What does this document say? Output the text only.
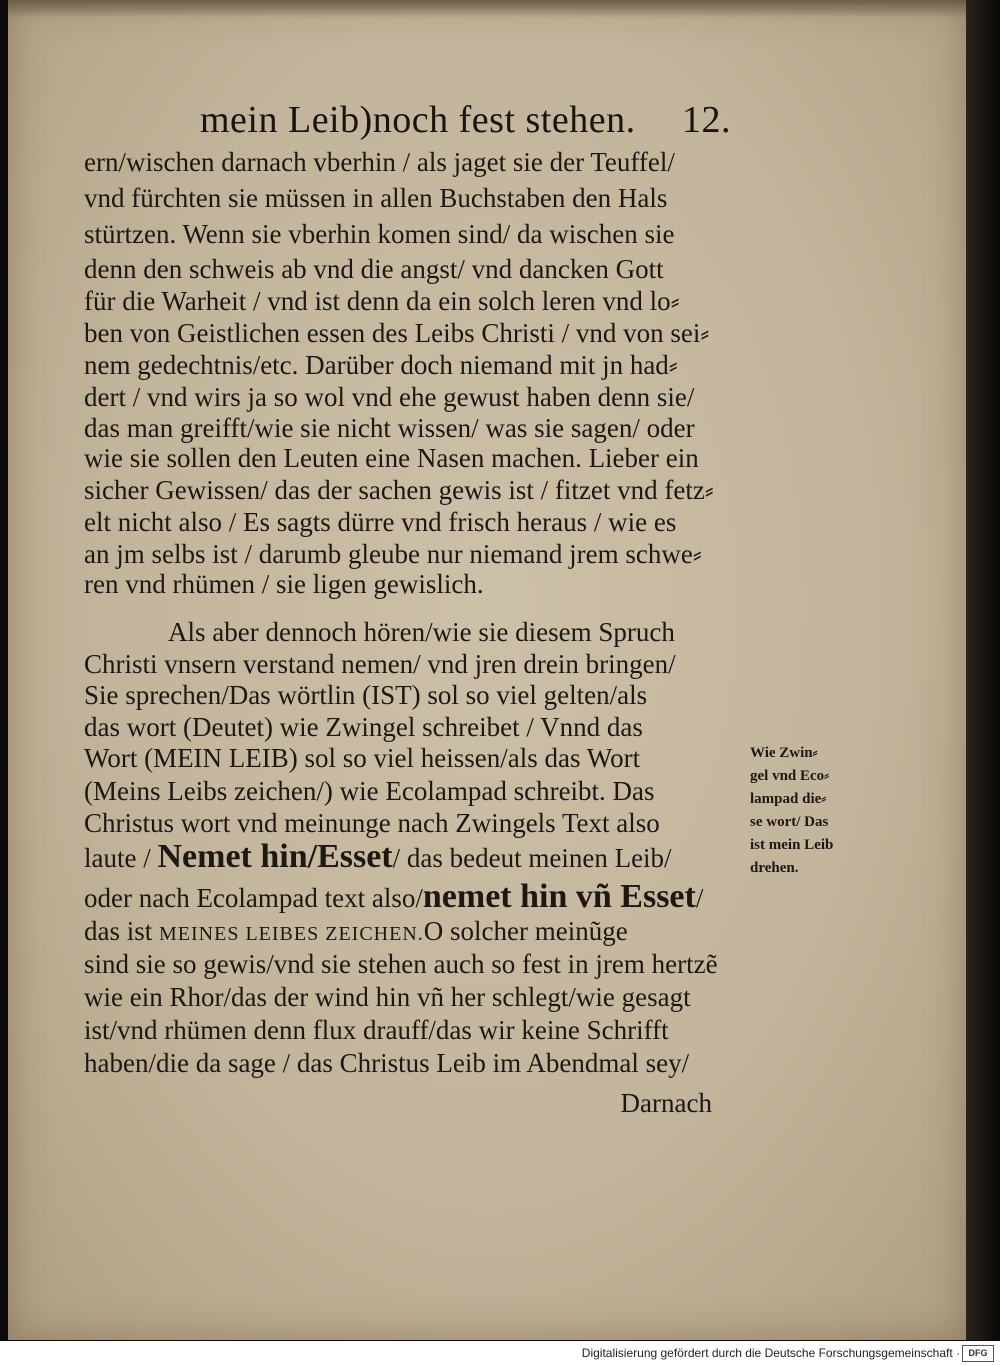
mein Leib)noch fest stehen. 12.
ern/wischen darnach vberhin / als jaget sie der Teuffel/
vnd fürchten sie müssen in allen Buchstaben den Hals
stürtzen. Wenn sie vberhin komen sind/ da wischen sie
denn den schweis ab vnd die angst/ vnd dancken Gott
für die Warheit / vnd ist denn da ein solch leren vnd lo⸗
ben von Geistlichen essen des Leibs Christi / vnd von sei⸗
nem gedechtnis/etc. Darüber doch niemand mit jn had⸗
dert / vnd wirs ja so wol vnd ehe gewust haben denn sie/
das man greifft/wie sie nicht wissen/ was sie sagen/ oder
wie sie sollen den Leuten eine Nasen machen. Lieber ein
sicher Gewissen/ das der sachen gewis ist / fitzet vnd fetz⸗
elt nicht also / Es sagts dürre vnd frisch heraus / wie es
an jm selbs ist / darumb gleube nur niemand jrem schwe⸗
ren vnd rhümen / sie ligen gewislich.
Als aber dennoch hören/wie sie diesem Spruch
Christi vnsern verstand nemen/ vnd jren drein bringen/
Sie sprechen/Das wörtlin (IST) sol so viel gelten/als
das wort (Deutet) wie Zwingel schreibet / Vnnd das
Wort (MEIN LEIB) sol so viel heissen/als das Wort
(Meins Leibs zeichen/) wie Ecolampad schreibt. Das
Christus wort vnd meinunge nach Zwingels Text also
laute / Nemet hin/Esset/ das bedeut meinen Leib/
oder nach Ecolampad text also/nemet hin vñ Esset/
das ist MEINES LEIBES ZEICHEN.O solcher meinũge
sind sie so gewis/vnd sie stehen auch so fest in jrem hertzẽ
wie ein Rhor/das der wind hin vñ her schlegt/wie gesagt
ist/vnd rhümen denn flux drauff/das wir keine Schrifft
haben/die da sage / das Christus Leib im Abendmal sey/
Darnach
Wie Zwin⸗
gel vnd Eco⸗
lampad die⸗
se wort/ Das
ist mein Leib
drehen.
Digitalisierung gefördert durch die Deutsche Forschungsgemeinschaft · DFG
